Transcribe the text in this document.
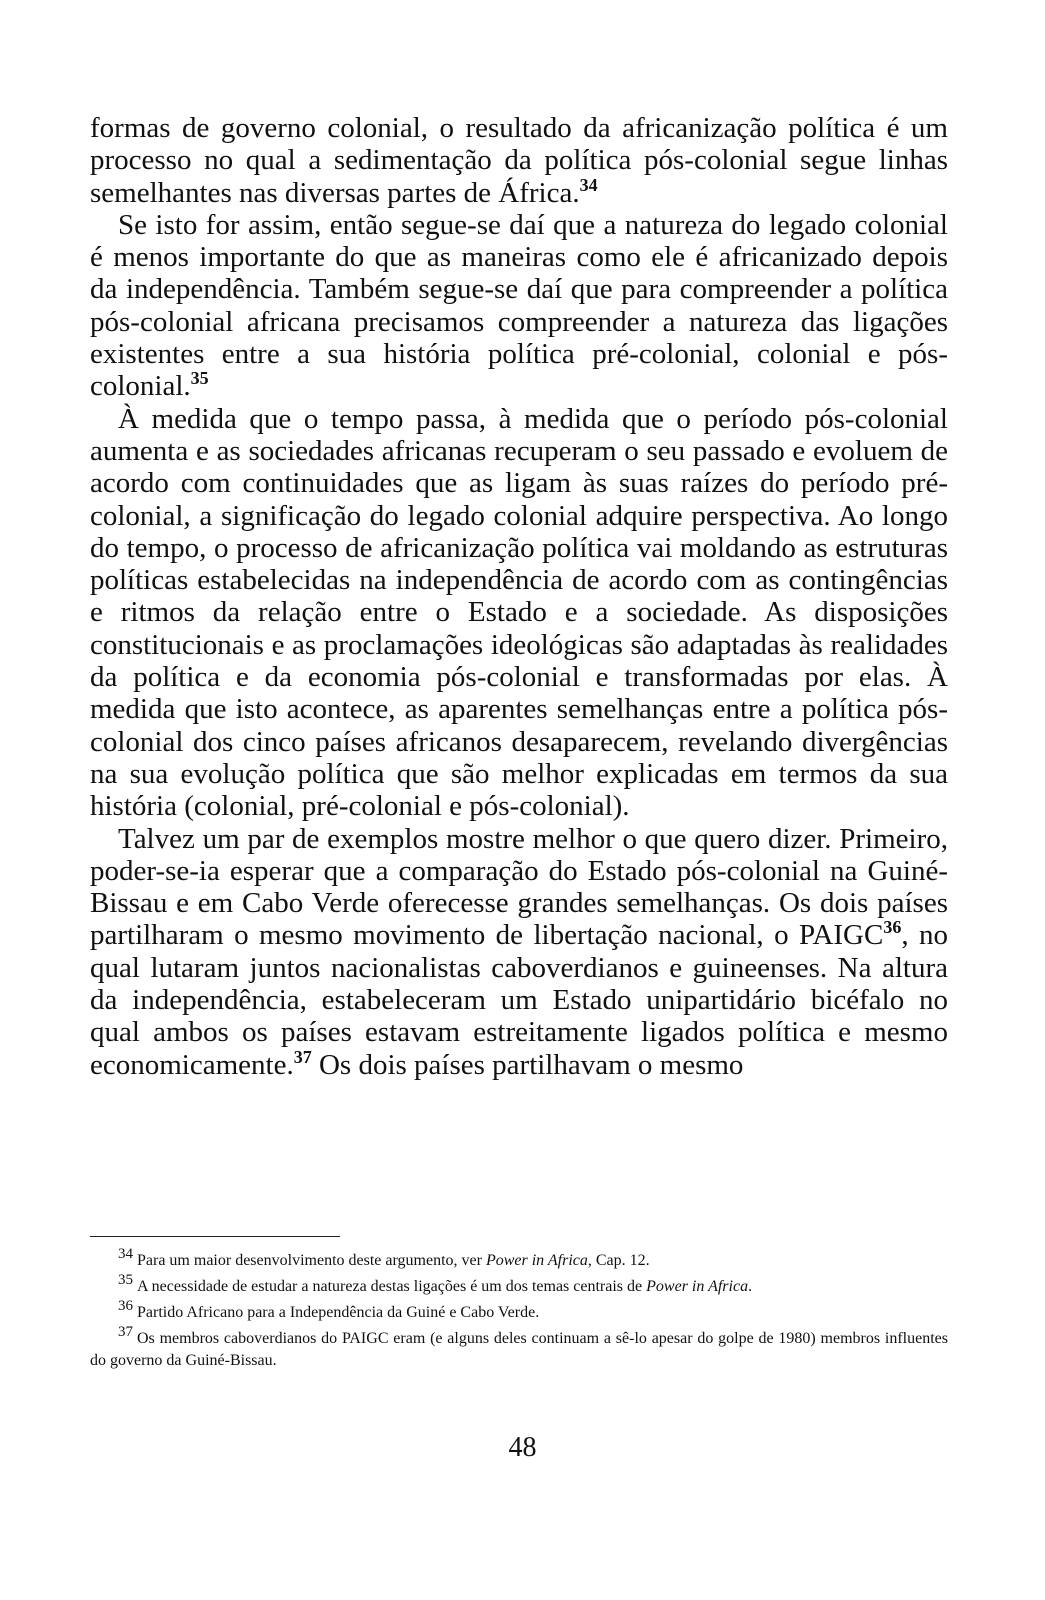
formas de governo colonial, o resultado da africanização política é um processo no qual a sedimentação da política pós-colonial segue linhas semelhantes nas diversas partes de África.$^{34}$

Se isto for assim, então segue-se daí que a natureza do legado colonial é menos importante do que as maneiras como ele é africanizado depois da independência. Também segue-se daí que para compreender a política pós-colonial africana precisamos compreender a natureza das ligações existentes entre a sua história política pré-colonial, colonial e pós-colonial.$^{35}$

À medida que o tempo passa, à medida que o período pós-colonial aumenta e as sociedades africanas recuperam o seu passado e evoluem de acordo com continuidades que as ligam às suas raízes do período pré-colonial, a significação do legado colonial adquire perspectiva. Ao longo do tempo, o processo de africanização política vai moldando as estruturas políticas estabelecidas na independência de acordo com as contingências e ritmos da relação entre o Estado e a sociedade. As disposições constitucionais e as proclamações ideológicas são adaptadas às realidades da política e da economia pós-colonial e transformadas por elas. À medida que isto acontece, as aparentes semelhanças entre a política pós-colonial dos cinco países africanos desaparecem, revelando divergências na sua evolução política que são melhor explicadas em termos da sua história (colonial, pré-colonial e pós-colonial).

Talvez um par de exemplos mostre melhor o que quero dizer. Primeiro, poder-se-ia esperar que a comparação do Estado pós-colonial na Guiné-Bissau e em Cabo Verde oferecesse grandes semelhanças. Os dois países partilharam o mesmo movimento de libertação nacional, o PAIGC$^{36}$, no qual lutaram juntos nacionalistas caboverdianos e guineenses. Na altura da independência, estabeleceram um Estado unipartidário bicéfalo no qual ambos os países estavam estreitamente ligados política e mesmo economicamente.$^{37}$ Os dois países partilhavam o mesmo

$^{34}$ Para um maior desenvolvimento deste argumento, ver Power in Africa, Cap. 12.

$^{35}$ A necessidade de estudar a natureza destas ligações é um dos temas centrais de Power in Africa.

$^{36}$ Partido Africano para a Independência da Guiné e Cabo Verde.

$^{37}$ Os membros caboverdianos do PAIGC eram (e alguns deles continuam a sê-lo apesar do golpe de 1980) membros influentes do governo da Guiné-Bissau.

48
